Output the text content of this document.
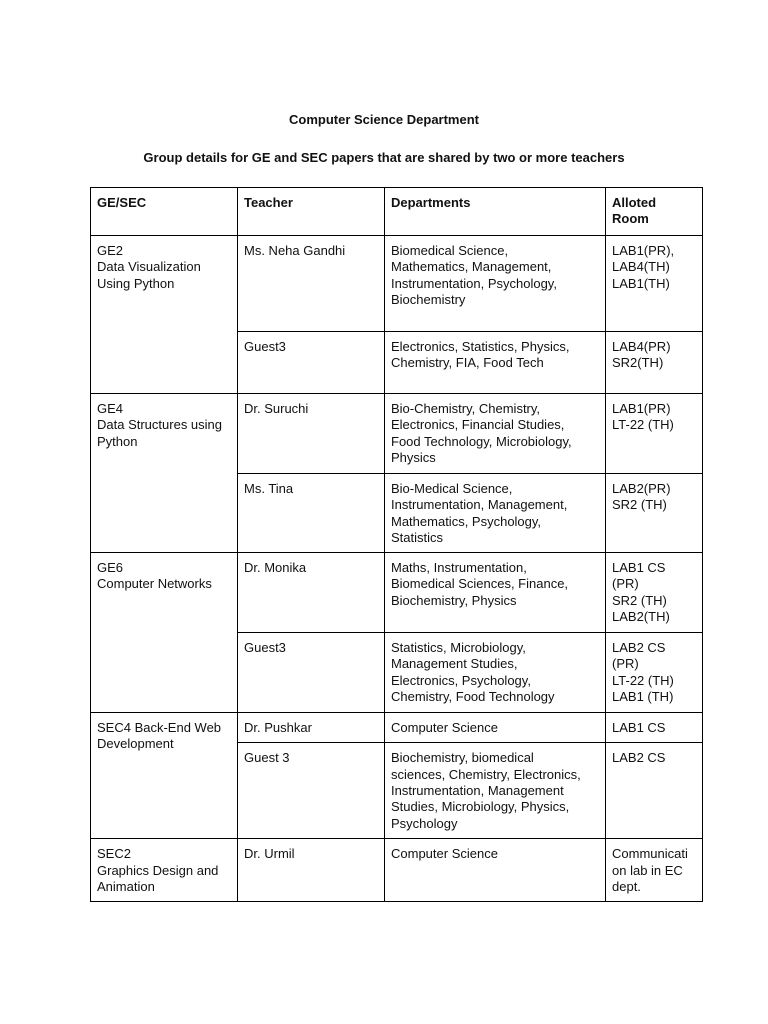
Computer Science Department
Group details for GE and SEC papers that are shared by two or more teachers
GE/SEC	Teacher	Departments	Alloted
Room

GE2
Data Visualization
Using Python	Ms. Neha Gandhi	Biomedical Science,
Mathematics, Management,
Instrumentation, Psychology,
Biochemistry	LAB1(PR),
LAB4(TH)
LAB1(TH)

	Guest3	Electronics, Statistics, Physics,
Chemistry, FIA, Food Tech	LAB4(PR)
SR2(TH)

GE4
Data Structures using
Python	Dr. Suruchi	Bio-Chemistry, Chemistry,
Electronics, Financial Studies,
Food Technology, Microbiology,
Physics	LAB1(PR)
LT-22 (TH)

	Ms. Tina	Bio-Medical Science,
Instrumentation, Management,
Mathematics, Psychology,
Statistics	LAB2(PR)
SR2 (TH)

GE6
Computer Networks	Dr. Monika	Maths, Instrumentation,
Biomedical Sciences, Finance,
Biochemistry, Physics	LAB1 CS
(PR)
SR2 (TH)
LAB2(TH)

	Guest3	Statistics, Microbiology,
Management Studies,
Electronics, Psychology,
Chemistry, Food Technology	LAB2 CS
(PR)
LT-22 (TH)
LAB1 (TH)

SEC4 Back-End Web
Development	Dr. Pushkar	Computer Science	LAB1 CS

	Guest 3	Biochemistry, biomedical
sciences, Chemistry, Electronics,
Instrumentation, Management
Studies, Microbiology, Physics,
Psychology	LAB2 CS

SEC2
Graphics Design and
Animation	Dr. Urmil	Computer Science	Communicati
on lab in EC
dept.
